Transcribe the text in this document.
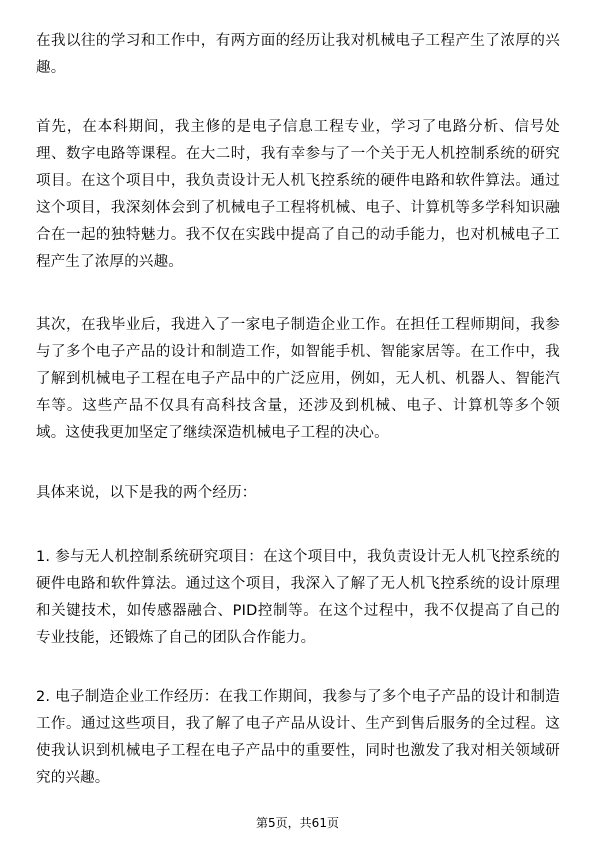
在我以往的学习和工作中，有两方面的经历让我对机械电子工程产生了浓厚的兴趣。

首先，在本科期间，我主修的是电子信息工程专业，学习了电路分析、信号处理、数字电路等课程。在大二时，我有幸参与了一个关于无人机控制系统的研究项目。在这个项目中，我负责设计无人机飞控系统的硬件电路和软件算法。通过这个项目，我深刻体会到了机械电子工程将机械、电子、计算机等多学科知识融合在一起的独特魅力。我不仅在实践中提高了自己的动手能力，也对机械电子工程产生了浓厚的兴趣。

其次，在我毕业后，我进入了一家电子制造企业工作。在担任工程师期间，我参与了多个电子产品的设计和制造工作，如智能手机、智能家居等。在工作中，我了解到机械电子工程在电子产品中的广泛应用，例如，无人机、机器人、智能汽车等。这些产品不仅具有高科技含量，还涉及到机械、电子、计算机等多个领域。这使我更加坚定了继续深造机械电子工程的决心。

具体来说，以下是我的两个经历：

1. 参与无人机控制系统研究项目：在这个项目中，我负责设计无人机飞控系统的硬件电路和软件算法。通过这个项目，我深入了解了无人机飞控系统的设计原理和关键技术，如传感器融合、PID控制等。在这个过程中，我不仅提高了自己的专业技能，还锻炼了自己的团队合作能力。

2. 电子制造企业工作经历：在我工作期间，我参与了多个电子产品的设计和制造工作。通过这些项目，我了解了电子产品从设计、生产到售后服务的全过程。这使我认识到机械电子工程在电子产品中的重要性，同时也激发了我对相关领域研究的兴趣。

第5页，共61页
